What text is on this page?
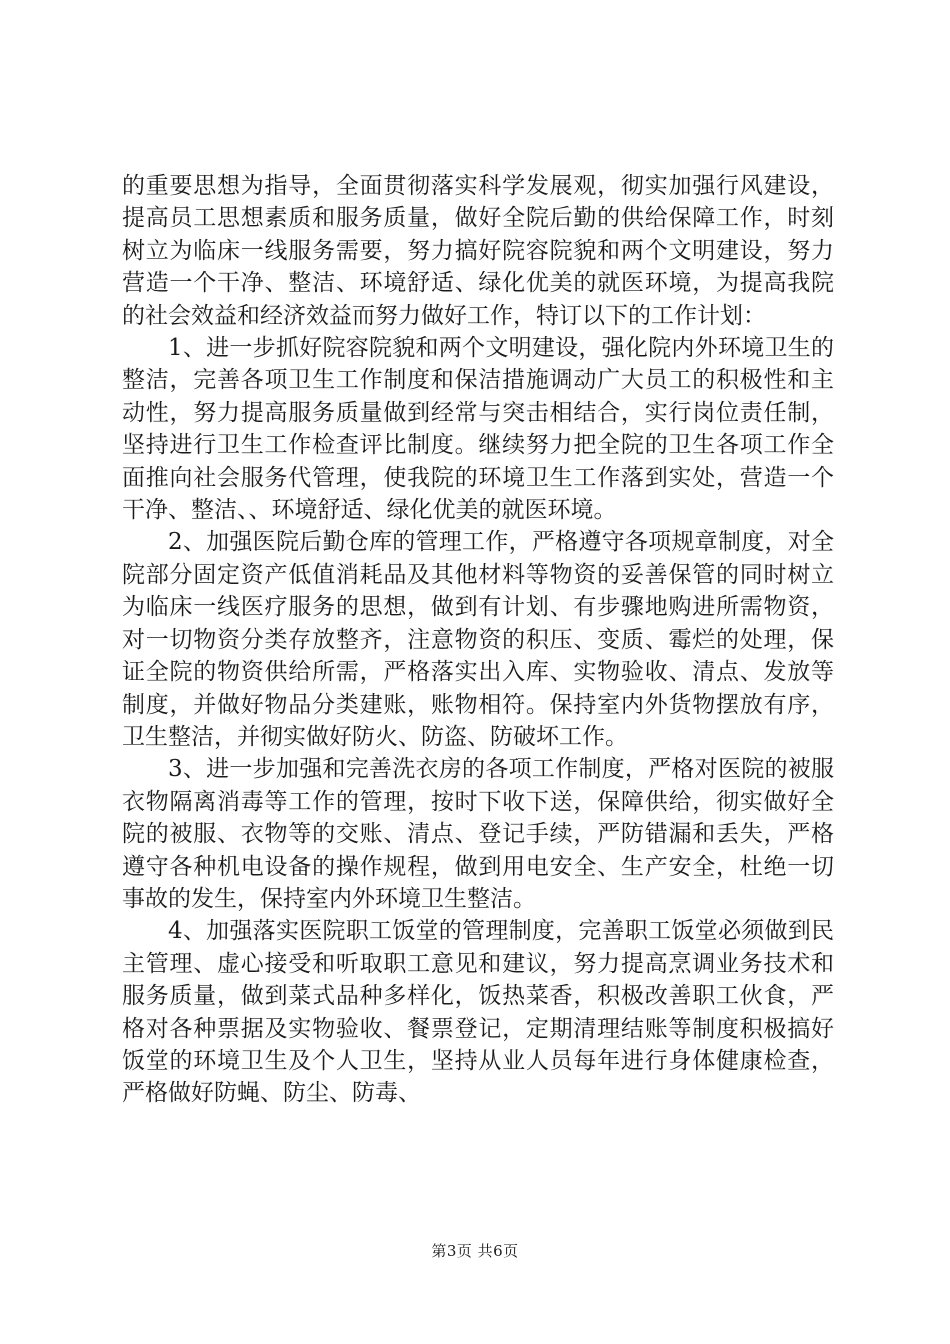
的重要思想为指导，全面贯彻落实科学发展观，彻实加强行风建设，提高员工思想素质和服务质量，做好全院后勤的供给保障工作，时刻树立为临床一线服务需要，努力搞好院容院貌和两个文明建设，努力营造一个干净、整洁、环境舒适、绿化优美的就医环境，为提高我院的社会效益和经济效益而努力做好工作，特订以下的工作计划：

1、进一步抓好院容院貌和两个文明建设，强化院内外环境卫生的整洁，完善各项卫生工作制度和保洁措施调动广大员工的积极性和主动性，努力提高服务质量做到经常与突击相结合，实行岗位责任制，坚持进行卫生工作检查评比制度。继续努力把全院的卫生各项工作全面推向社会服务代管理，使我院的环境卫生工作落到实处，营造一个干净、整洁、、环境舒适、绿化优美的就医环境。

2、加强医院后勤仓库的管理工作，严格遵守各项规章制度，对全院部分固定资产低值消耗品及其他材料等物资的妥善保管的同时树立为临床一线医疗服务的思想，做到有计划、有步骤地购进所需物资，对一切物资分类存放整齐，注意物资的积压、变质、霉烂的处理，保证全院的物资供给所需，严格落实出入库、实物验收、清点、发放等制度，并做好物品分类建账，账物相符。保持室内外货物摆放有序，卫生整洁，并彻实做好防火、防盗、防破坏工作。

3、进一步加强和完善洗衣房的各项工作制度，严格对医院的被服衣物隔离消毒等工作的管理，按时下收下送，保障供给，彻实做好全院的被服、衣物等的交账、清点、登记手续，严防错漏和丢失，严格遵守各种机电设备的操作规程，做到用电安全、生产安全，杜绝一切事故的发生，保持室内外环境卫生整洁。

4、加强落实医院职工饭堂的管理制度，完善职工饭堂必须做到民主管理、虚心接受和听取职工意见和建议，努力提高烹调业务技术和服务质量，做到菜式品种多样化，饭热菜香，积极改善职工伙食，严格对各种票据及实物验收、餐票登记，定期清理结账等制度积极搞好饭堂的环境卫生及个人卫生，坚持从业人员每年进行身体健康检查，严格做好防蝇、防尘、防毒、

第3页 共6页
